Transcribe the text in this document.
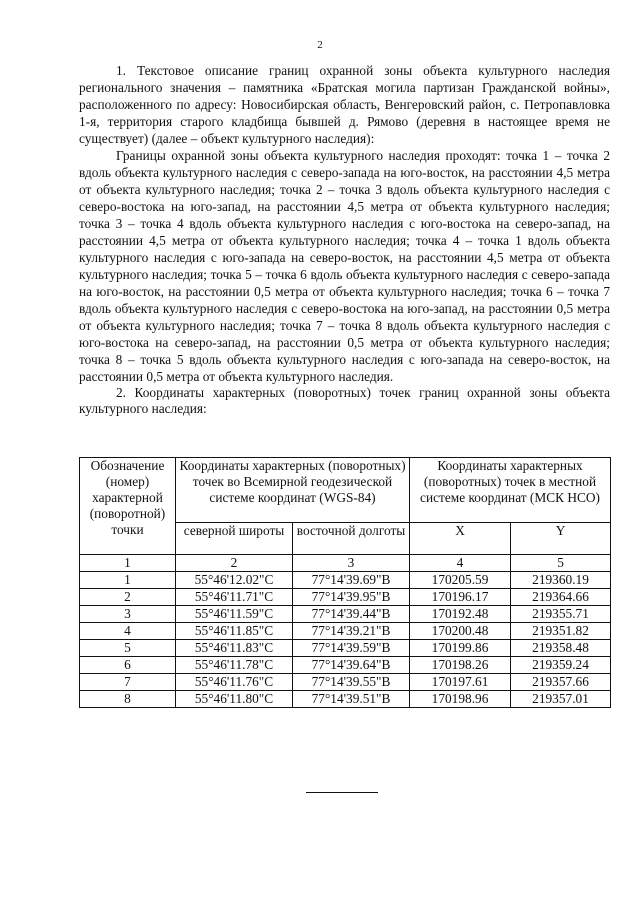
2

1. Текстовое описание границ охранной зоны объекта культурного наследия регионального значения – памятника «Братская могила партизан Гражданской войны», расположенного по адресу: Новосибирская область, Венгеровский район, с. Петропавловка 1-я, территория старого кладбища бывшей д. Рямово (деревня в настоящее время не существует) (далее – объект культурного наследия):

Границы охранной зоны объекта культурного наследия проходят: точка 1 – точка 2 вдоль объекта культурного наследия с северо-запада на юго-восток, на расстоянии 4,5 метра от объекта культурного наследия; точка 2 – точка 3 вдоль объекта культурного наследия с северо-востока на юго-запад, на расстоянии 4,5 метра от объекта культурного наследия; точка 3 – точка 4 вдоль объекта культурного наследия с юго-востока на северо-запад, на расстоянии 4,5 метра от объекта культурного наследия; точка 4 – точка 1 вдоль объекта культурного наследия с юго-запада на северо-восток, на расстоянии 4,5 метра от объекта культурного наследия; точка 5 – точка 6 вдоль объекта культурного наследия с северо-запада на юго-восток, на расстоянии 0,5 метра от объекта культурного наследия; точка 6 – точка 7 вдоль объекта культурного наследия с северо-востока на юго-запад, на расстоянии 0,5 метра от объекта культурного наследия; точка 7 – точка 8 вдоль объекта культурного наследия с юго-востока на северо-запад, на расстоянии 0,5 метра от объекта культурного наследия; точка 8 – точка 5 вдоль объекта культурного наследия с юго-запада на северо-восток, на расстоянии 0,5 метра от объекта культурного наследия.

2. Координаты характерных (поворотных) точек границ охранной зоны объекта культурного наследия:

Обозначение (номер) характерной (поворотной) точки	Координаты характерных (поворотных) точек во Всемирной геодезической системе координат (WGS-84)		Координаты характерных (поворотных) точек в местной системе координат (МСК НСО)	
	северной широты	восточной долготы	X	Y
1	2	3	4	5
1	55°46'12.02"С	77°14'39.69"В	170205.59	219360.19
2	55°46'11.71"С	77°14'39.95"В	170196.17	219364.66
3	55°46'11.59"С	77°14'39.44"В	170192.48	219355.71
4	55°46'11.85"С	77°14'39.21"В	170200.48	219351.82
5	55°46'11.83"С	77°14'39.59"В	170199.86	219358.48
6	55°46'11.78"С	77°14'39.64"В	170198.26	219359.24
7	55°46'11.76"С	77°14'39.55"В	170197.61	219357.66
8	55°46'11.80"С	77°14'39.51"В	170198.96	219357.01
